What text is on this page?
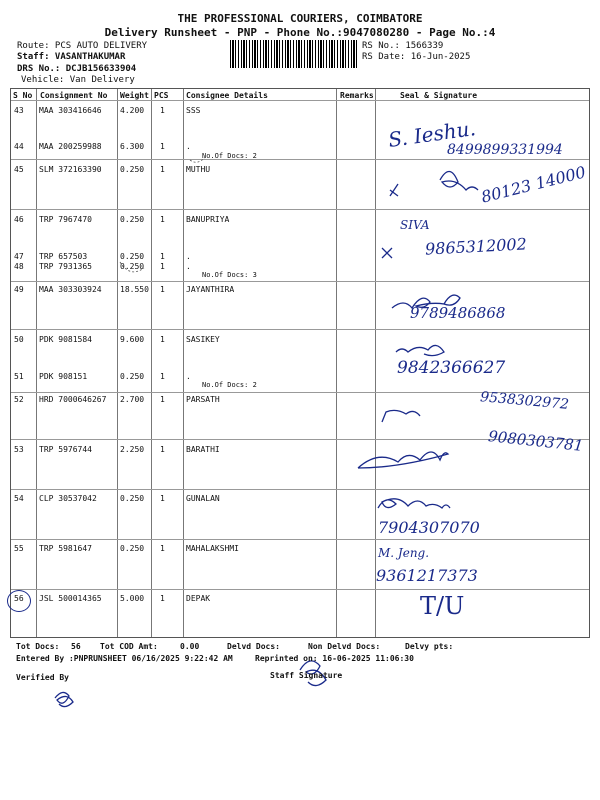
THE PROFESSIONAL COURIERS, COIMBATORE
Delivery Runsheet - PNP - Phone No.:9047080280 - Page No.:4
Route: PCS AUTO DELIVERY
Staff: VASANTHAKUMAR
DRS No.: DCJB156633904
Vehicle: Van Delivery
RS No.: 1566339
RS Date: 16-Jun-2025
S No Consignment No Weight PCS Consignee Details	Remarks	Seal & Signature
43 MAA 303416646 4.200 1	SSS
44 MAA 200259988 6.300 1	.
No.Of Docs: 2
45 SLM 372163390 0.250 1	MUTHU
46 TRP 7967470	0.250 1	BANUPRIYA
47 TRP 657503	0.250 1	.
48 TRP 7931365	0.250 1	.
No.Of Docs: 3
49 MAA 303303924 18.550 1	JAYANTHIRA
50 PDK 9081584	9.600 1	SASIKEY
51 PDK 908151	0.250 1	.
No.Of Docs: 2
52 HRD 7000646267 2.700 1	PARSATH
53 TRP 5976744	2.250 1	BARATHI
54 CLP 30537042	0.250 1	GUNALAN
55 TRP 5981647	0.250 1	MAHALAKSHMI
56 JSL 500014365 5.000 1	DEPAK
S. Ieshu.
8499899331994
80123 14000
SIVA
9865312002
9789486868
9842366627
9538302972
9080303781
7904307070
M. Jeng.
9361217373
T/U
Tot Docs: 56 Tot COD Amt:	0.00	Delvd Docs:	Non Delvd Docs:	Delvy pts:
Entered By :PNPRUNSHEET 06/16/2025 9:22:42 AM	Reprinted on: 16-06-2025 11:06:30
Verified By	Staff Signature
